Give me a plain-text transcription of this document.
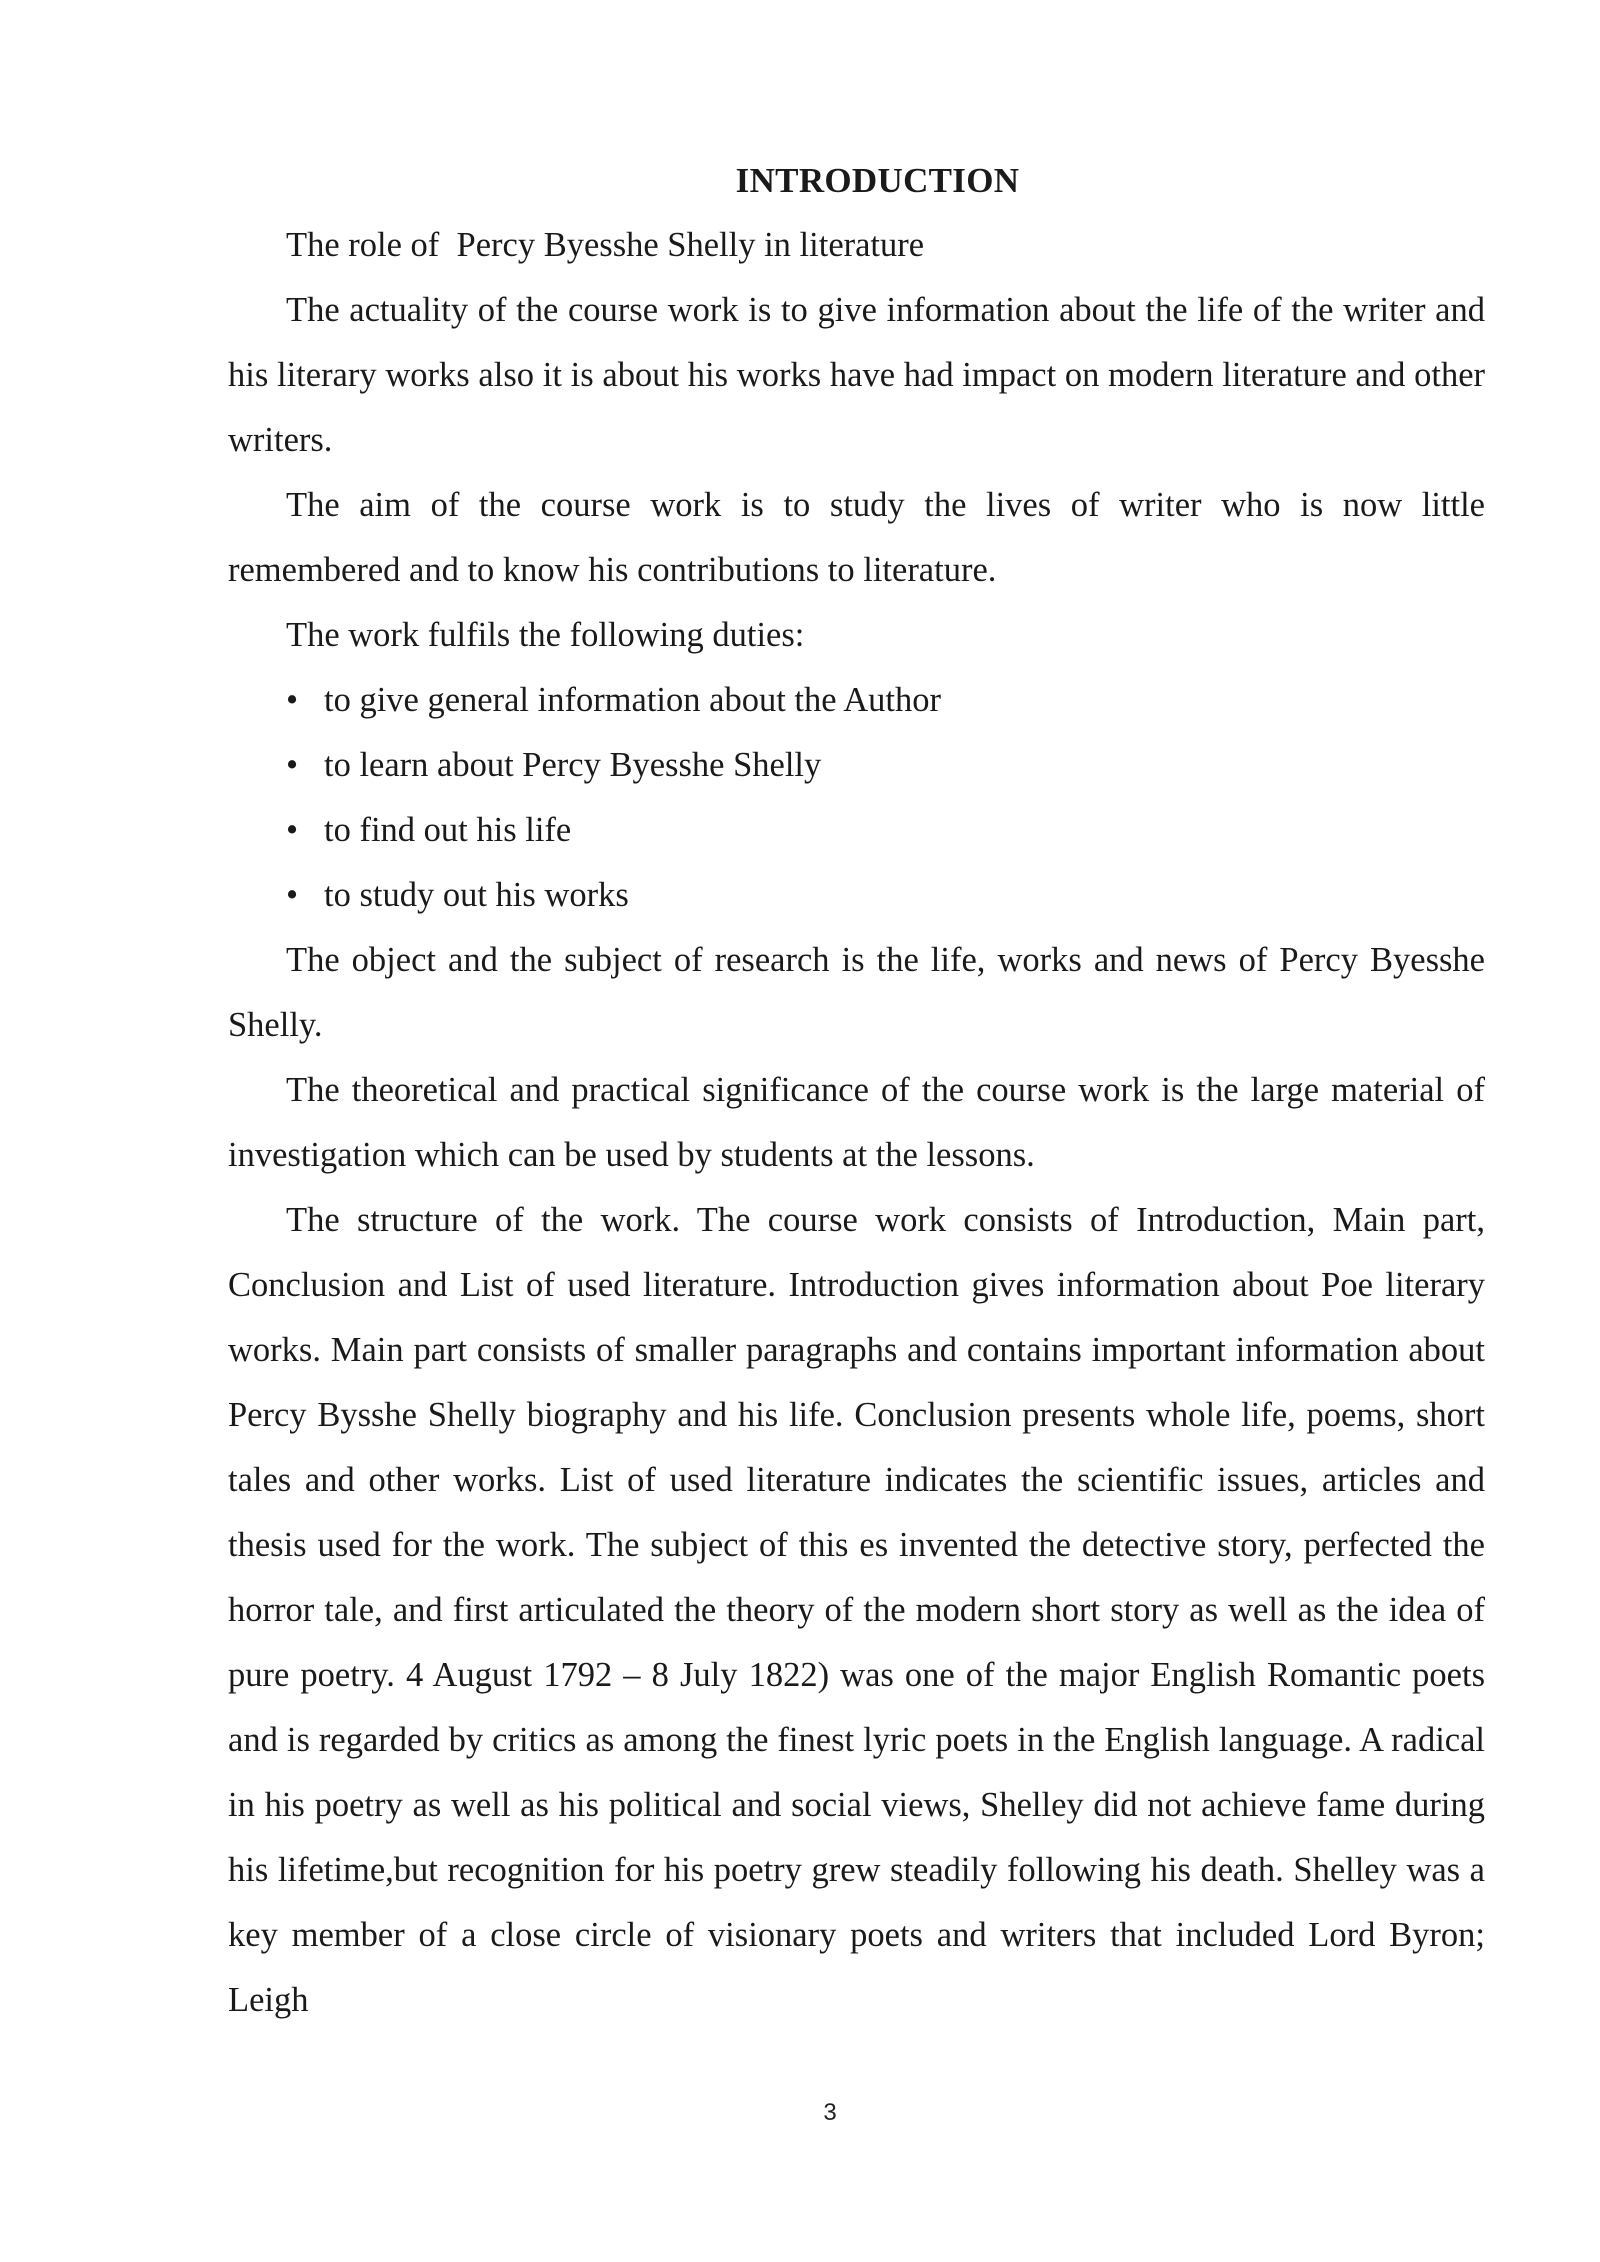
INTRODUCTION

The role of  Percy Byesshe Shelly in literature

The actuality of the course work is to give information about the life of the writer and his literary works also it is about his works have had impact on modern literature and other writers.

The aim of the course work is to study the lives of writer who is now little remembered and to know his contributions to literature.

The work fulfils the following duties:

• to give general information about the Author
• to learn about Percy Byesshe Shelly
• to find out his life
• to study out his works

The object and the subject of research is the life, works and news of Percy Byesshe Shelly.

The theoretical and practical significance of the course work is the large material of investigation which can be used by students at the lessons.

The structure of the work. The course work consists of Introduction, Main part, Conclusion and List of used literature. Introduction gives information about Poe literary works. Main part consists of smaller paragraphs and contains important information about Percy Bysshe Shelly biography and his life. Conclusion presents whole life, poems, short tales and other works. List of used literature indicates the scientific issues, articles and thesis used for the work. The subject of this es invented the detective story, perfected the horror tale, and first articulated the theory of the modern short story as well as the idea of pure poetry. 4 August 1792 – 8 July 1822) was one of the major English Romantic poets and is regarded by critics as among the finest lyric poets in the English language. A radical in his poetry as well as his political and social views, Shelley did not achieve fame during his lifetime,but recognition for his poetry grew steadily following his death. Shelley was a key member of a close circle of visionary poets and writers that included Lord Byron; Leigh

3
